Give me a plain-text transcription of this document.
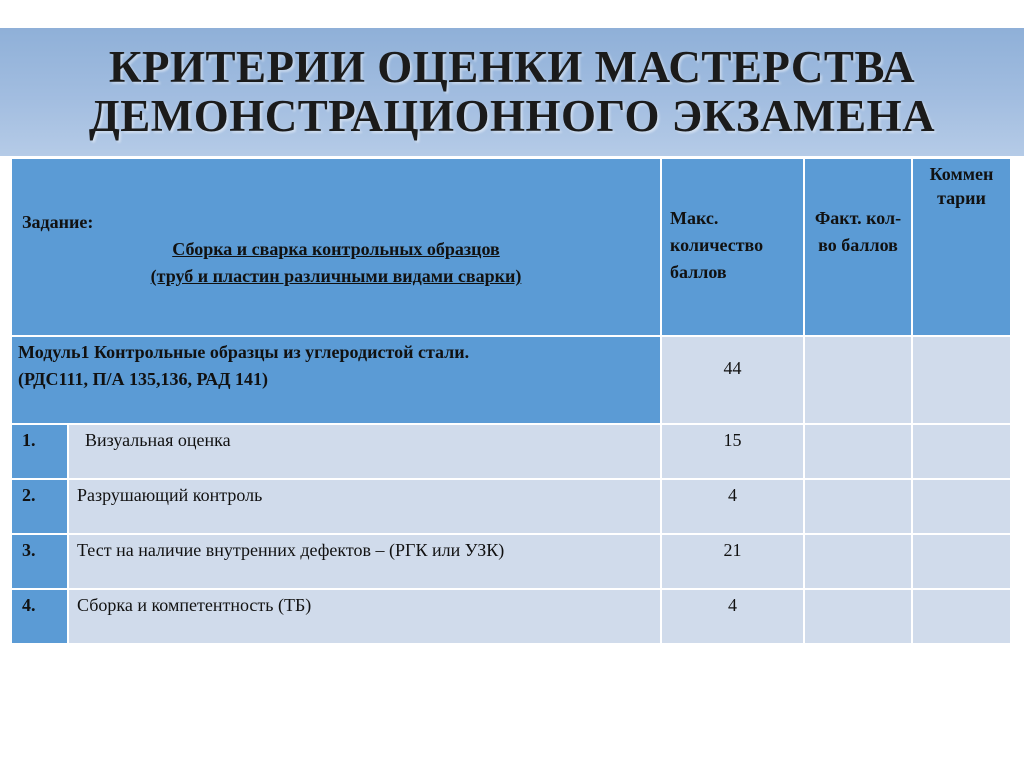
КРИТЕРИИ ОЦЕНКИ МАСТЕРСТВА
ДЕМОНСТРАЦИОННОГО ЭКЗАМЕНА
Задание:
Сборка и сварка контрольных образцов
(труб и пластин различными видами сварки)		Макс. количество баллов	Факт. кол-во баллов	Коммен тарии

Модуль1 Контрольные образцы из углеродистой стали.
(РДС111, П/А 135,136, РАД 141)		44		
1.	Визуальная оценка	15		
2.	Разрушающий контроль	4		
3.	Тест на наличие внутренних дефектов – (РГК или УЗК)	21		
4.	Сборка и компетентность (ТБ)	4		
